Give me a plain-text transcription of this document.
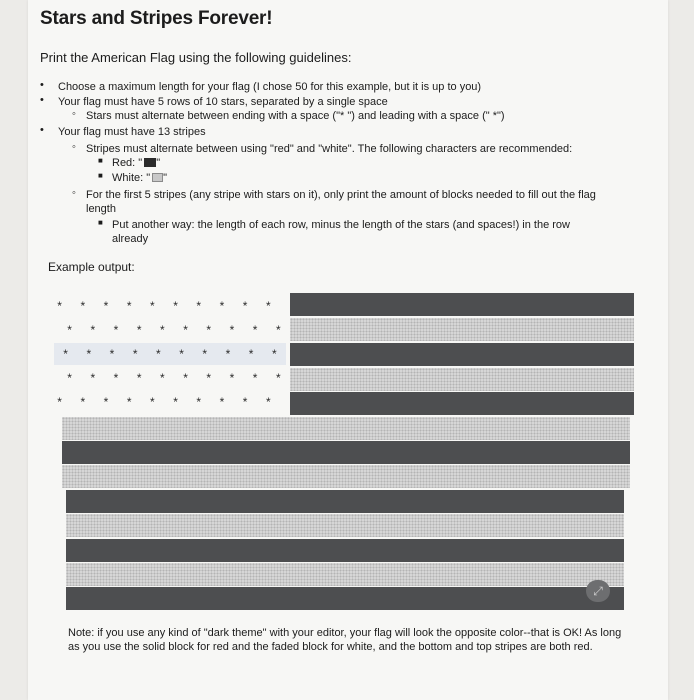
Stars and Stripes Forever!
Print the American Flag using the following guidelines:
• Choose a maximum length for your flag (I chose 50 for this example, but it is up to you)
• Your flag must have 5 rows of 10 stars, separated by a single space
◦ Stars must alternate between ending with a space ("* ") and leading with a space (" *")
• Your flag must have 13 stripes
◦ Stripes must alternate between using "red" and "white". The following characters are recommended:
■ Red: " "
■ White: " "
◦ For the first 5 stripes (any stripe with stars on it), only print the amount of blocks needed to fill out the flag
length
■ Put another way: the length of each row, minus the length of the stars (and spaces!) in the row
already
Example output:
*	*	*	*	*	*	*	*	*	*
*	*	*	*	*	*	*	*	*	*
*	*	*	*	*	*	*	*	*	*
*	*	*	*	*	*	*	*	*	*
*	*	*	*	*	*	*	*	*	*
⤢
Note: if you use any kind of "dark theme" with your editor, your flag will look the opposite color--that is OK! As long as you use the solid block for red and the faded block for white, and the bottom and top stripes are both red.
